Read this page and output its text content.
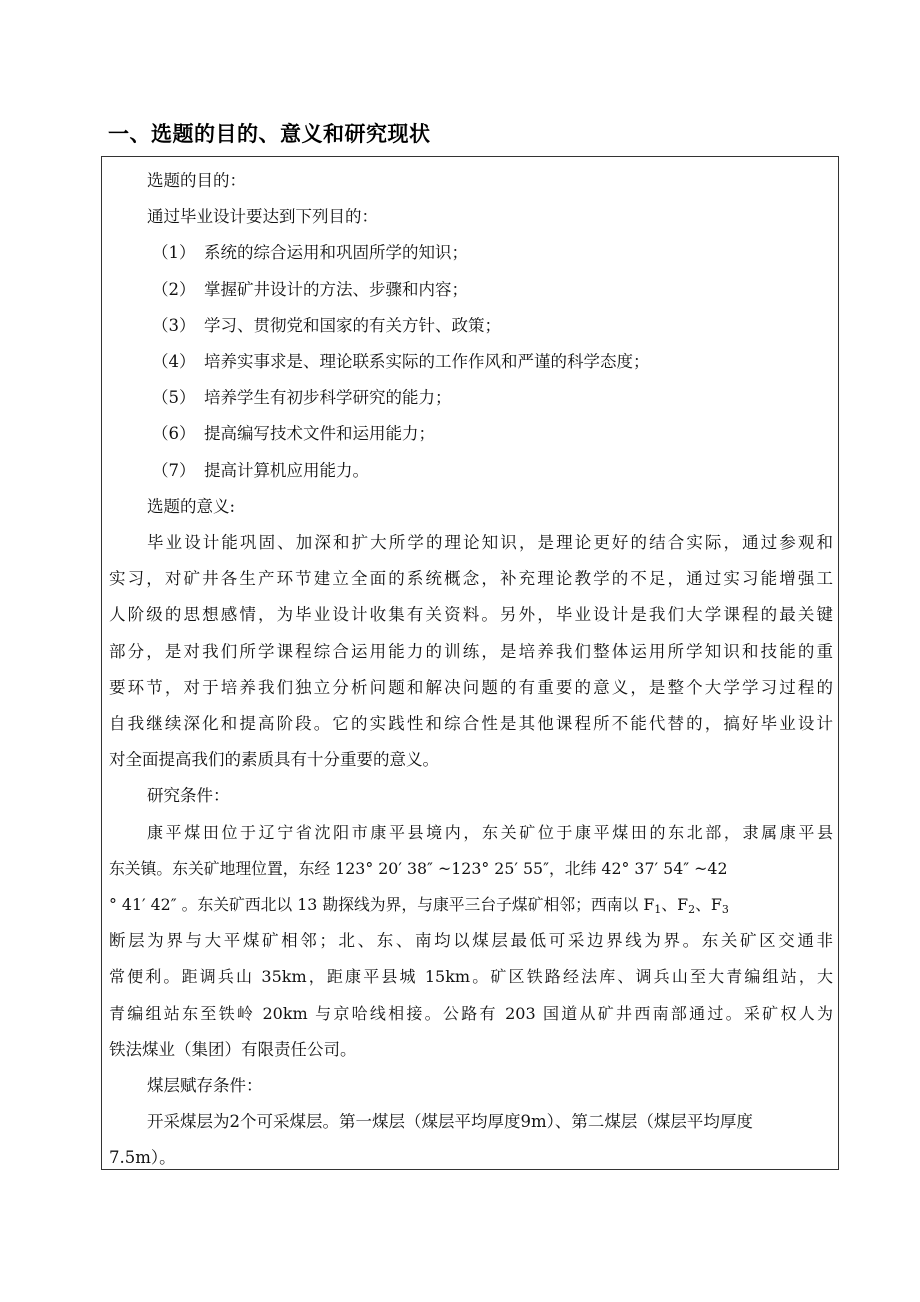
一、选题的目的、意义和研究现状
选题的目的：
通过毕业设计要达到下列目的：
（1） 系统的综合运用和巩固所学的知识；
（2） 掌握矿井设计的方法、步骤和内容；
（3） 学习、贯彻党和国家的有关方针、政策；
（4） 培养实事求是、理论联系实际的工作作风和严谨的科学态度；
（5） 培养学生有初步科学研究的能力；
（6） 提高编写技术文件和运用能力；
（7） 提高计算机应用能力。
选题的意义:
毕业设计能巩固、加深和扩大所学的理论知识，是理论更好的结合实际，通过参观和
实习，对矿井各生产环节建立全面的系统概念，补充理论教学的不足，通过实习能增强工
人阶级的思想感情，为毕业设计收集有关资料。另外，毕业设计是我们大学课程的最关键
部分，是对我们所学课程综合运用能力的训练，是培养我们整体运用所学知识和技能的重
要环节，对于培养我们独立分析问题和解决问题的有重要的意义，是整个大学学习过程的
自我继续深化和提高阶段。它的实践性和综合性是其他课程所不能代替的，搞好毕业设计
对全面提高我们的素质具有十分重要的意义。
研究条件：
康平煤田位于辽宁省沈阳市康平县境内，东关矿位于康平煤田的东北部，隶属康平县
东关镇。东关矿地理位置，东经 123° 20′ 38″ ~123° 25′ 55″，北纬 42° 37′ 54″ ~42
° 41′ 42″ 。东关矿西北以 13 勘探线为界，与康平三台子煤矿相邻；西南以 $F_1$、$F_2$、$F_3$
断层为界与大平煤矿相邻；北、东、南均以煤层最低可采边界线为界。东关矿区交通非
常便利。距调兵山 35km，距康平县城 15km。矿区铁路经法库、调兵山至大青编组站，大
青编组站东至铁岭 20km 与京哈线相接。公路有 203 国道从矿井西南部通过。采矿权人为
铁法煤业（集团）有限责任公司。
煤层赋存条件：
开采煤层为2个可采煤层。第一煤层（煤层平均厚度9m）、第二煤层（煤层平均厚度
7.5m）。
